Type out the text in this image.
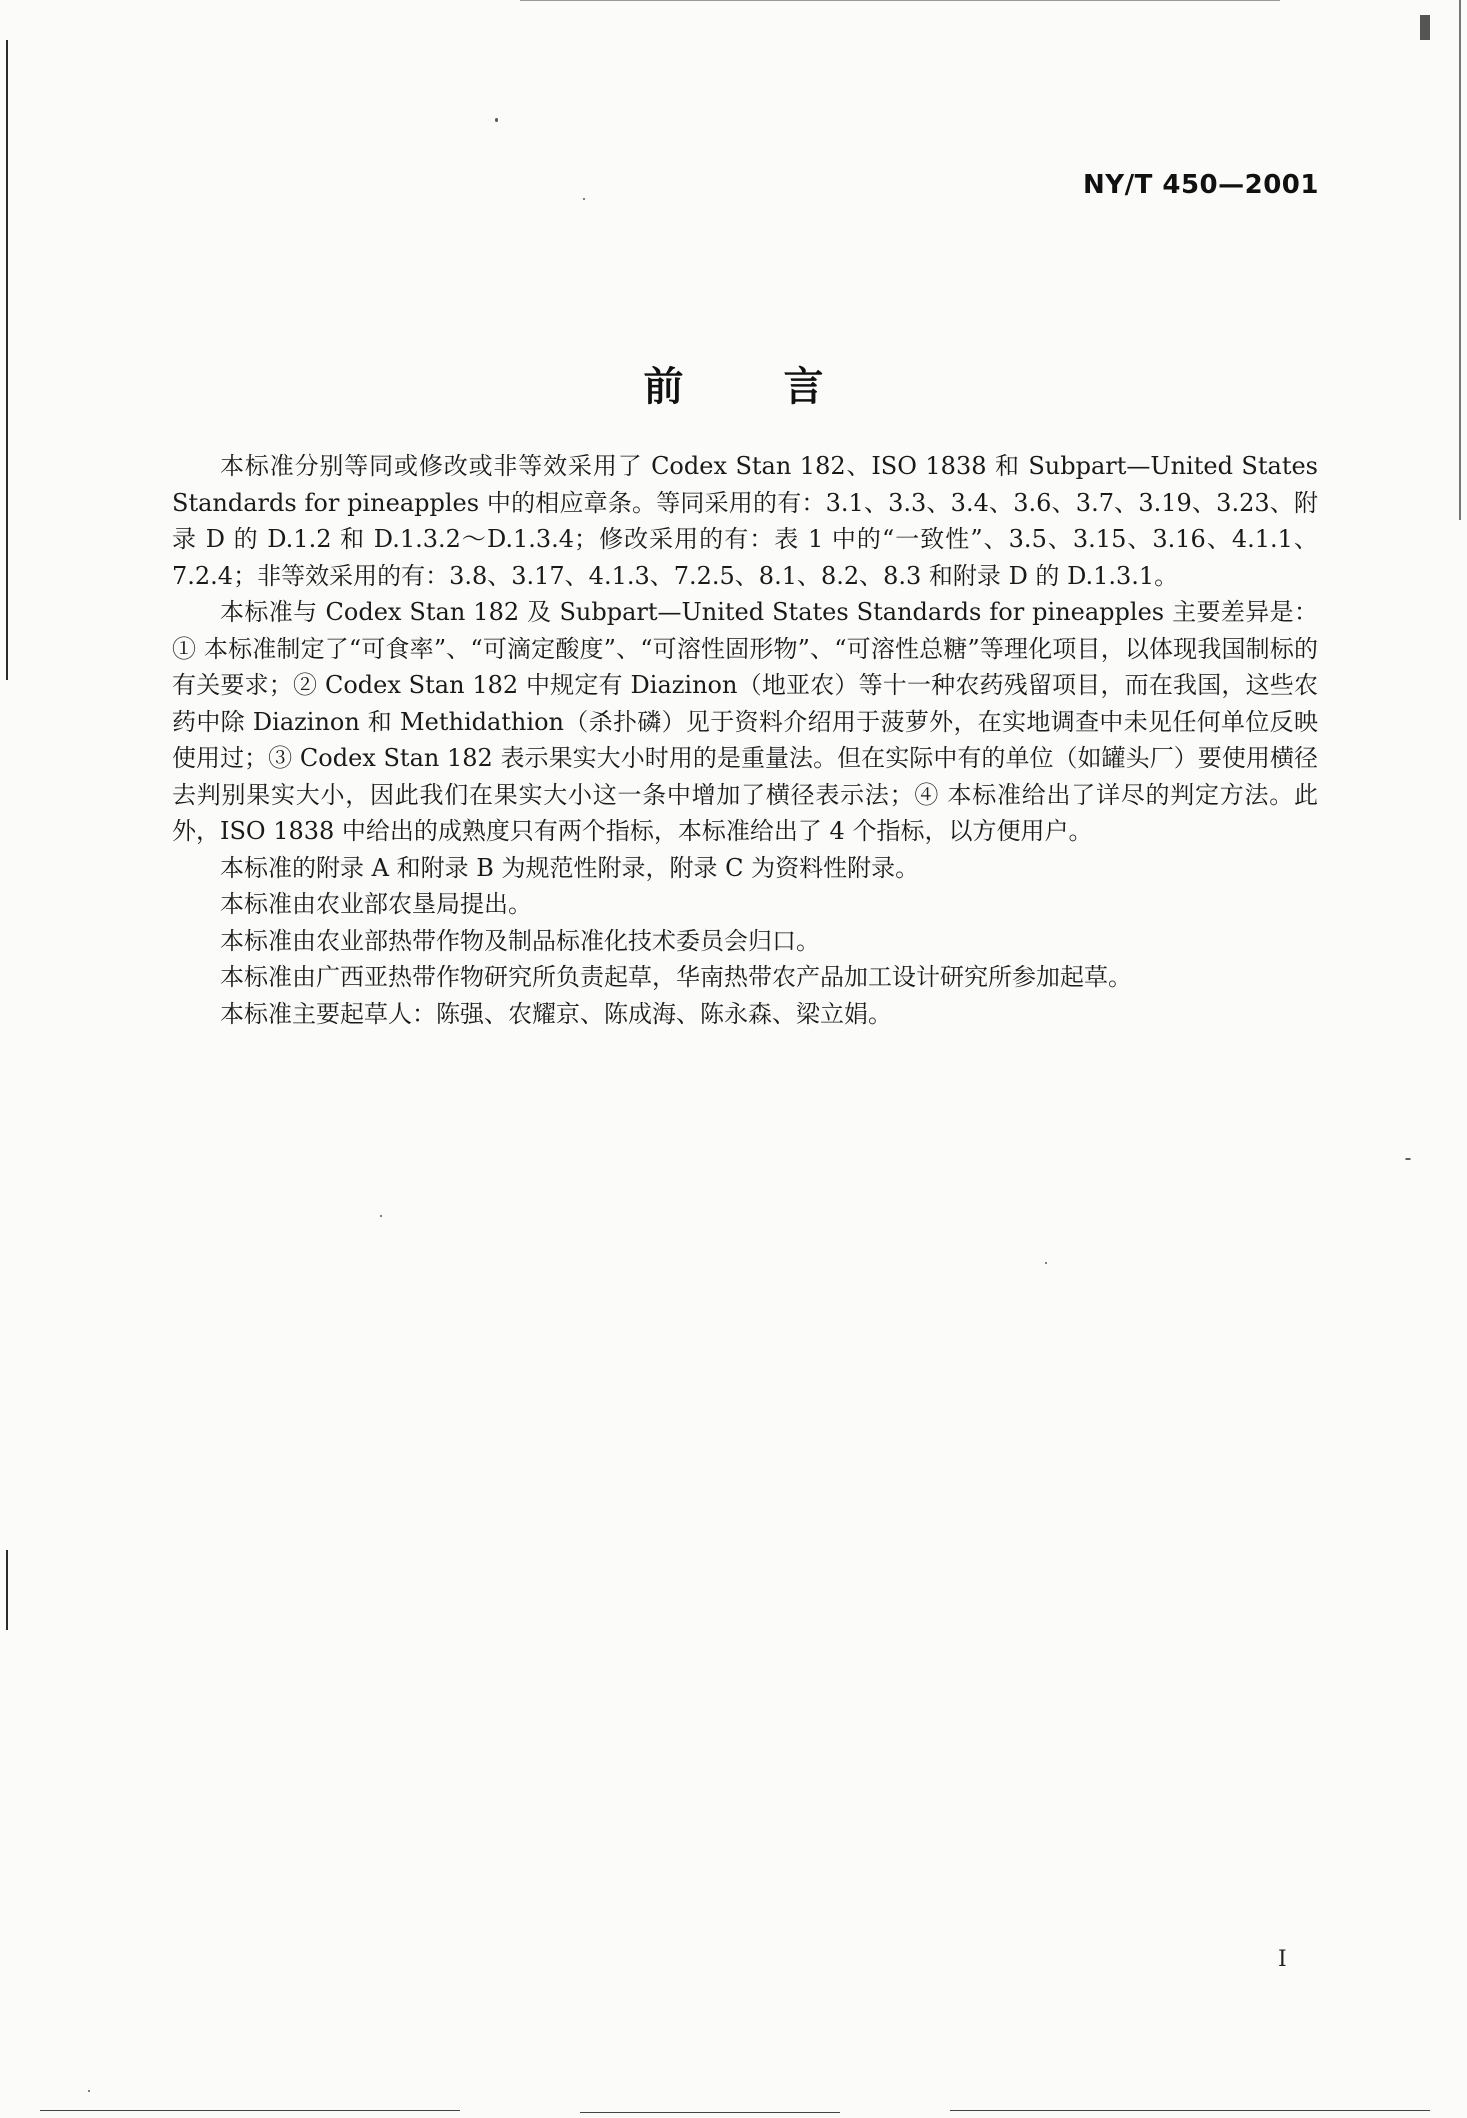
NY/T 450—2001
前言

本标准分别等同或修改或非等效采用了 Codex Stan 182、ISO 1838 和 Subpart—United States Standards for pineapples 中的相应章条。等同采用的有：3.1、3.3、3.4、3.6、3.7、3.19、3.23、附录 D 的 D.1.2 和 D.1.3.2～D.1.3.4；修改采用的有：表 1 中的“一致性”、3.5、3.15、3.16、4.1.1、7.2.4；非等效采用的有：3.8、3.17、4.1.3、7.2.5、8.1、8.2、8.3 和附录 D 的 D.1.3.1。

本标准与 Codex Stan 182 及 Subpart—United States Standards for pineapples 主要差异是：① 本标准制定了“可食率”、“可滴定酸度”、“可溶性固形物”、“可溶性总糖”等理化项目，以体现我国制标的有关要求；② Codex Stan 182 中规定有 Diazinon（地亚农）等十一种农药残留项目，而在我国，这些农药中除 Diazinon 和 Methidathion（杀扑磷）见于资料介绍用于菠萝外，在实地调查中未见任何单位反映使用过；③ Codex Stan 182 表示果实大小时用的是重量法。但在实际中有的单位（如罐头厂）要使用横径去判别果实大小，因此我们在果实大小这一条中增加了横径表示法；④ 本标准给出了详尽的判定方法。此外，ISO 1838 中给出的成熟度只有两个指标，本标准给出了 4 个指标，以方便用户。

本标准的附录 A 和附录 B 为规范性附录，附录 C 为资料性附录。

本标准由农业部农垦局提出。

本标准由农业部热带作物及制品标准化技术委员会归口。

本标准由广西亚热带作物研究所负责起草，华南热带农产品加工设计研究所参加起草。

本标准主要起草人：陈强、农耀京、陈成海、陈永森、梁立娟。

I
